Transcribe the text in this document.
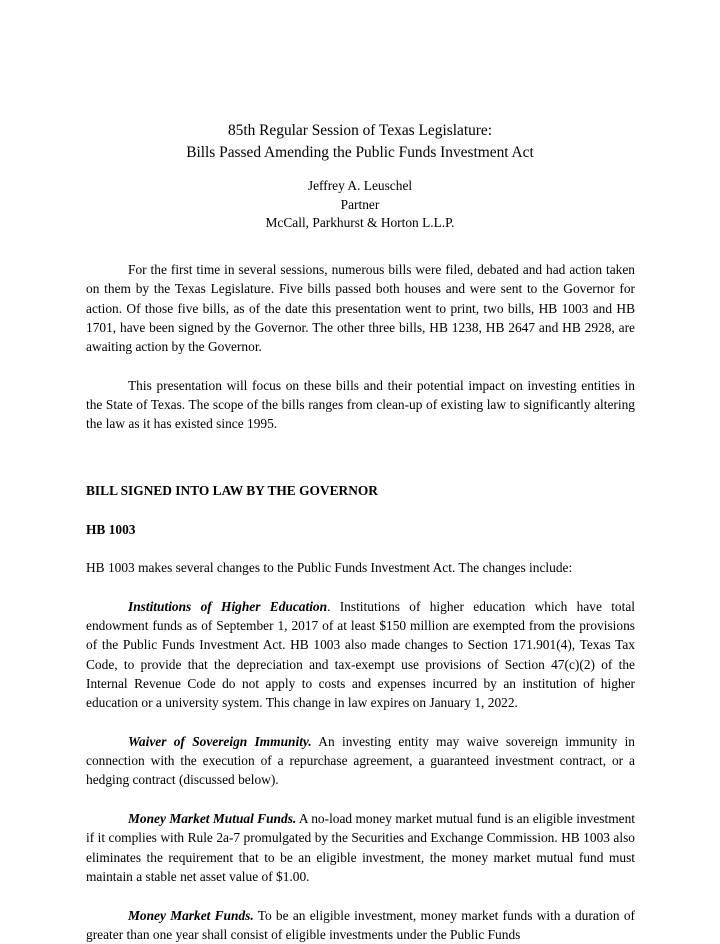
85th Regular Session of Texas Legislature:
Bills Passed Amending the Public Funds Investment Act
Jeffrey A. Leuschel
Partner
McCall, Parkhurst & Horton L.L.P.

For the first time in several sessions, numerous bills were filed, debated and had action taken on them by the Texas Legislature. Five bills passed both houses and were sent to the Governor for action. Of those five bills, as of the date this presentation went to print, two bills, HB 1003 and HB 1701, have been signed by the Governor. The other three bills, HB 1238, HB 2647 and HB 2928, are awaiting action by the Governor.

This presentation will focus on these bills and their potential impact on investing entities in the State of Texas. The scope of the bills ranges from clean-up of existing law to significantly altering the law as it has existed since 1995.

BILL SIGNED INTO LAW BY THE GOVERNOR

HB 1003

HB 1003 makes several changes to the Public Funds Investment Act. The changes include:

Institutions of Higher Education. Institutions of higher education which have total endowment funds as of September 1, 2017 of at least $150 million are exempted from the provisions of the Public Funds Investment Act. HB 1003 also made changes to Section 171.901(4), Texas Tax Code, to provide that the depreciation and tax-exempt use provisions of Section 47(c)(2) of the Internal Revenue Code do not apply to costs and expenses incurred by an institution of higher education or a university system. This change in law expires on January 1, 2022.

Waiver of Sovereign Immunity. An investing entity may waive sovereign immunity in connection with the execution of a repurchase agreement, a guaranteed investment contract, or a hedging contract (discussed below).

Money Market Mutual Funds. A no-load money market mutual fund is an eligible investment if it complies with Rule 2a-7 promulgated by the Securities and Exchange Commission. HB 1003 also eliminates the requirement that to be an eligible investment, the money market mutual fund must maintain a stable net asset value of $1.00.

Money Market Funds. To be an eligible investment, money market funds with a duration of greater than one year shall consist of eligible investments under the Public Funds
